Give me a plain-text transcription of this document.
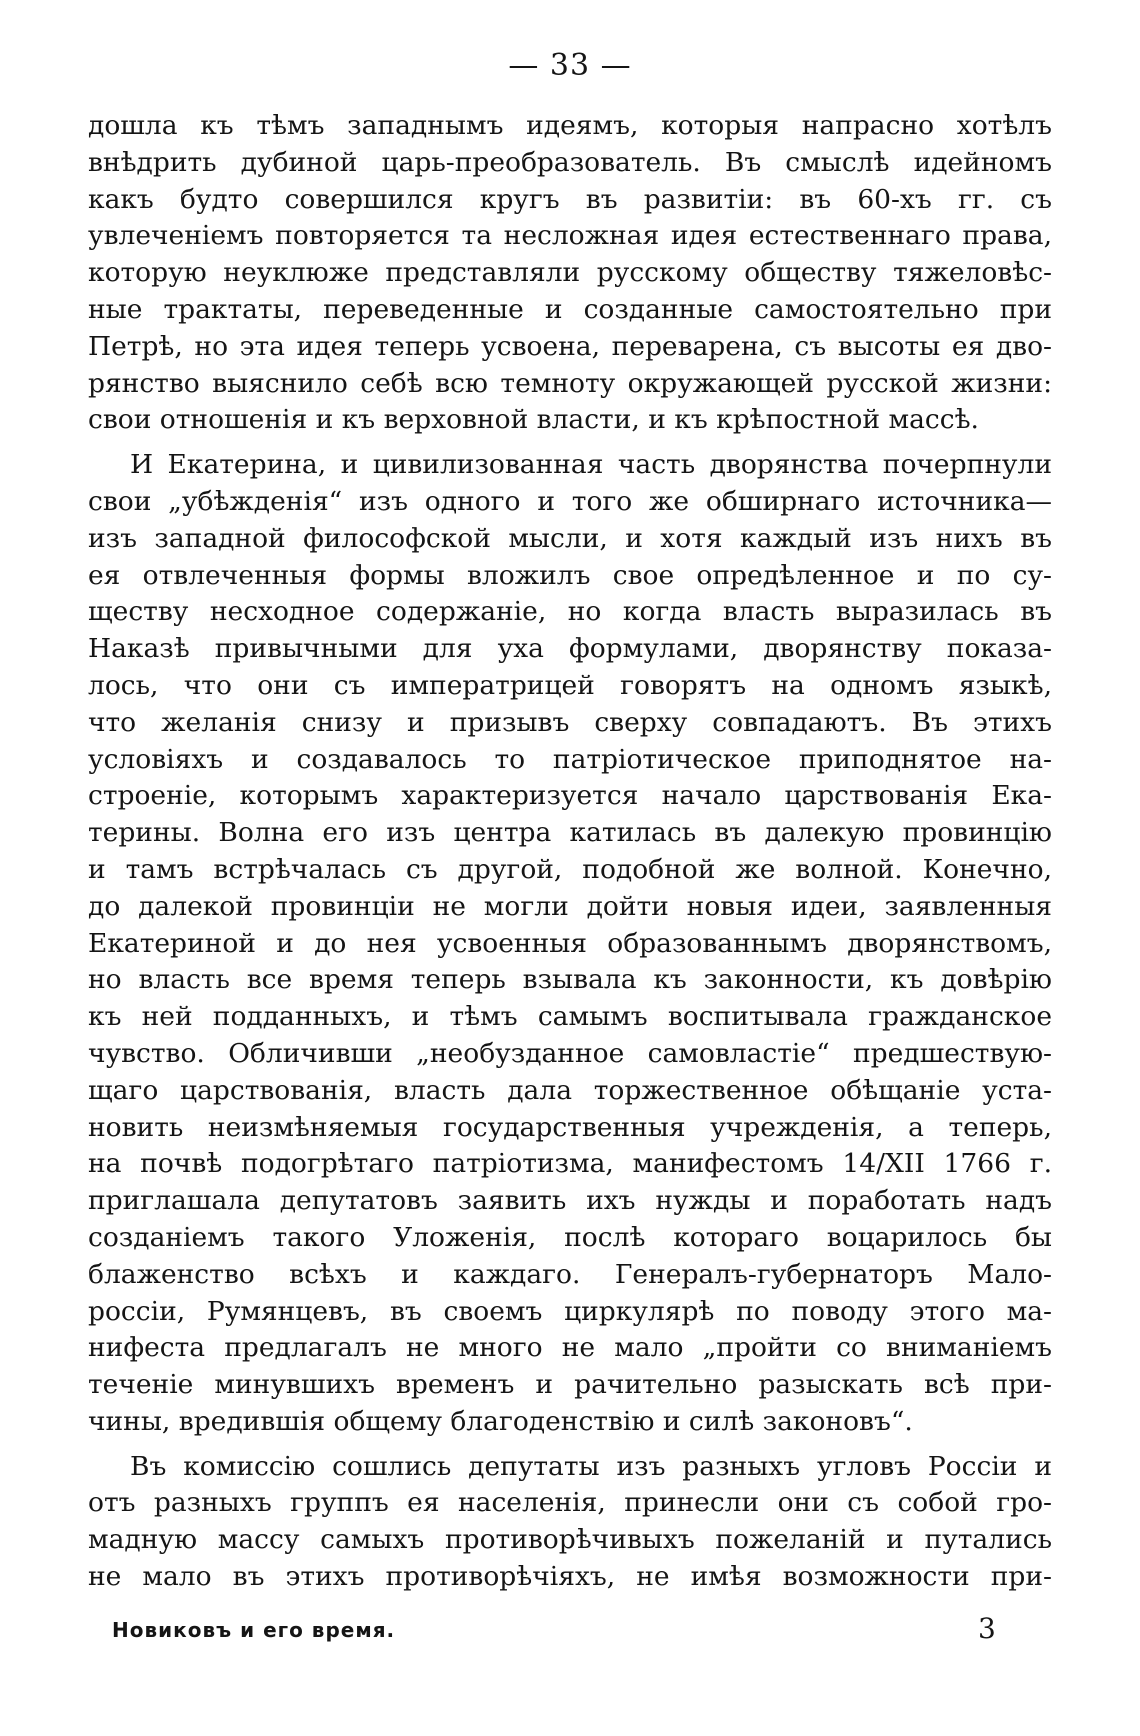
— 33 —
дошла къ тѣмъ западнымъ идеямъ, которыя напрасно хотѣлъ
внѣдрить дубиной царь-преобразователь. Въ смыслѣ идейномъ
какъ будто совершился кругъ въ развитіи: въ 60-хъ гг. съ
увлеченіемъ повторяется та несложная идея естественнаго права,
которую неуклюже представляли русскому обществу тяжеловѣс-
ные трактаты, переведенные и созданные самостоятельно при
Петрѣ, но эта идея теперь усвоена, переварена, съ высоты ея дво-
рянство выяснило себѣ всю темноту окружающей русской жизни:
свои отношенія и къ верховной власти, и къ крѣпостной массѣ.
И Екатерина, и цивилизованная часть дворянства почерпнули
свои „убѣжденія“ изъ одного и того же обширнаго источника—
изъ западной философской мысли, и хотя каждый изъ нихъ въ
ея отвлеченныя формы вложилъ свое опредѣленное и по су-
ществу несходное содержаніе, но когда власть выразилась въ
Наказѣ привычными для уха формулами, дворянству показа-
лось, что они съ императрицей говорятъ на одномъ языкѣ,
что желанія снизу и призывъ сверху совпадаютъ. Въ этихъ
условіяхъ и создавалось то патріотическое приподнятое на-
строеніе, которымъ характеризуется начало царствованія Ека-
терины. Волна его изъ центра катилась въ далекую провинцію
и тамъ встрѣчалась съ другой, подобной же волной. Конечно,
до далекой провинціи не могли дойти новыя идеи, заявленныя
Екатериной и до нея усвоенныя образованнымъ дворянствомъ,
но власть все время теперь взывала къ законности, къ довѣрію
къ ней подданныхъ, и тѣмъ самымъ воспитывала гражданское
чувство. Обличивши „необузданное самовластіе“ предшествую-
щаго царствованія, власть дала торжественное обѣщаніе уста-
новить неизмѣняемыя государственныя учрежденія, а теперь,
на почвѣ подогрѣтаго патріотизма, манифестомъ 14/XII 1766 г.
приглашала депутатовъ заявить ихъ нужды и поработать надъ
созданіемъ такого Уложенія, послѣ котораго воцарилось бы
блаженство всѣхъ и каждаго. Генералъ-губернаторъ Мало-
россіи, Румянцевъ, въ своемъ циркулярѣ по поводу этого ма-
нифеста предлагалъ не много не мало „пройти со вниманіемъ
теченіе минувшихъ временъ и рачительно разыскать всѣ при-
чины, вредившія общему благоденствію и силѣ законовъ“.
Въ комиссію сошлись депутаты изъ разныхъ угловъ Россіи и
отъ разныхъ группъ ея населенія, принесли они съ собой гро-
мадную массу самыхъ противорѣчивыхъ пожеланій и путались
не мало въ этихъ противорѣчіяхъ, не имѣя возможности при-
Новиковъ и его время.	3
